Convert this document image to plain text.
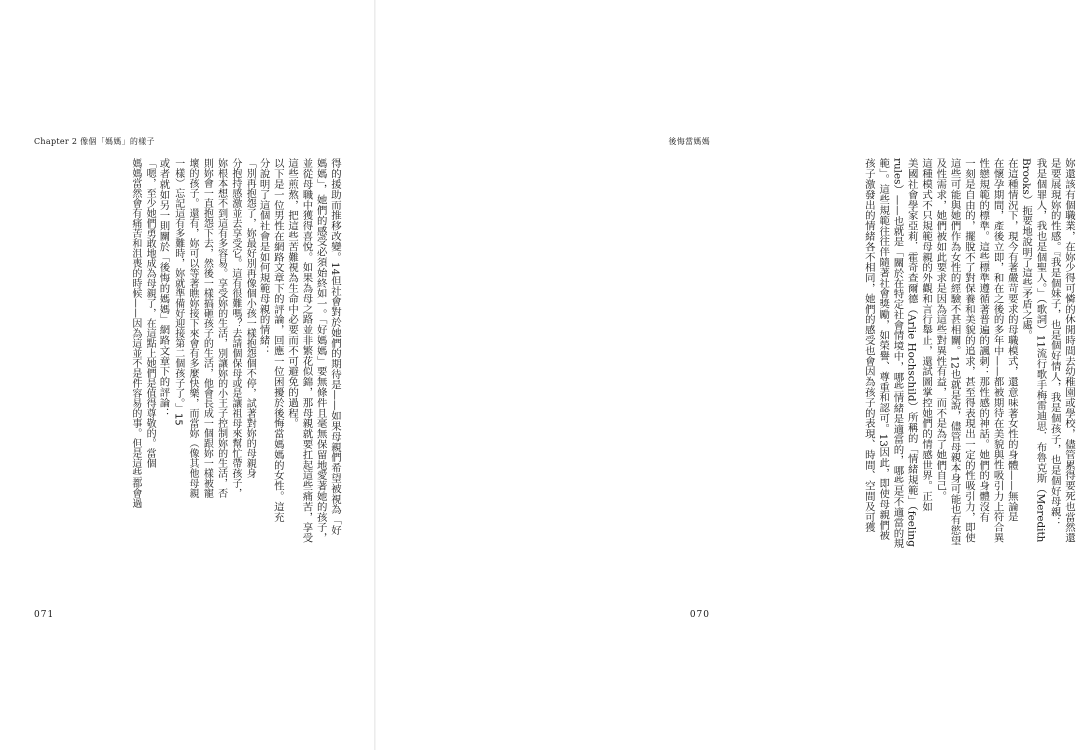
Chapter 2 像個「媽媽」的樣子
得的援助而推移改變。14但社會對於她們的期待是——如果母親們希望被視為「好
媽媽」，她們的感受必須始終如一。「好媽媽」要無條件且毫無保留地愛著她的孩子，
並從母職中獲得喜悅。如果為母之路並非繁花似錦，那母親就要扛起這些痛苦，享受
這些煎熬，把這些苦難視為生命中必要而不可避免的過程。
以下是一位男性在網路文章下的評論，回應一位困擾於後悔當媽媽的女性。這充
分說明了這個社會是如何規範母親的情緒：
「別再抱怨了，妳最好別再像個小孩一樣抱怨個不停，試著對妳的母親身
分抱持感激並去享受它。這有很難嗎？去請個保母或是讓祖母來幫忙帶孩子，
妳根本想不到這有多容易。享受妳的生活，別讓妳的小王子控制妳的生活，否
則妳會一直抱怨下去，然後一樣搞砸孩子的生活，他會長成一個跟妳一樣被寵
壞的孩子。還有，妳可以等著瞧妳接下來會有多麼快樂，而當妳（像其他母親
一樣）忘記這有多難時，妳就準備好迎接第二個孩子了。」15
或者就如另一則關於「後悔的媽媽」網路文章下的評論：
「嗯，至少她們勇敢地成為母親了，在這點上她們是值得尊敬的。當個
媽媽當然會有痛苦和沮喪的時候——因為這並不是件容易的事。但是這些都會過
071
後悔當媽媽
妳還該有個職業，在妳少得可憐的休閒時間去幼稚園或學校，儘管累得要死也當然還
是要展現妳的性感。『我是個妹子，也是個好情人，我是個孩子，也是個好母親：
我是個罪人，我也是個聖人。」（歌詞）11流行歌手梅雷迪思．布魯克斯（Meredith
Brooks）扼要地說明了這些矛盾之處。
在這種情況下，現今有著嚴苛要求的母職模式，還意味著女性的身體——無論是
在懷孕期間，產後立即，和在之後的多年中——都被期待在美貌與性吸引力上符合異
性戀規範的標準。這些標準遵循著普遍的諷刺：那性感的神話。她們的身體沒有
一刻是自由的，擺脫不了對保養和美貌的追求，甚至得表現出一定的性吸引力，即使
這些可能與她們作為女性的經驗不甚相關。12也就是說，儘管母親本身可能也有慾望
及性需求，她們被如此要求是因為這些對異性有益，而不是為了她們自己。
這種模式不只規範母親的外觀和言行舉止，還試圖掌控她們的情感世界。正如
美國社會學家亞莉．霍奇查爾德（Arlie Hochschild）所稱的「情緒規範」（feeling
rules）——也就是「關於在特定社會情境中，哪些情緒是適當的，哪些是不適當的規
範」。這些規範往往伴隨著社會獎勵，如榮譽、尊重和認可。13因此，即使母親們被
孩子激發出的情緒各不相同，她們的感受也會因為孩子的表現、時間、空間及可獲
070
